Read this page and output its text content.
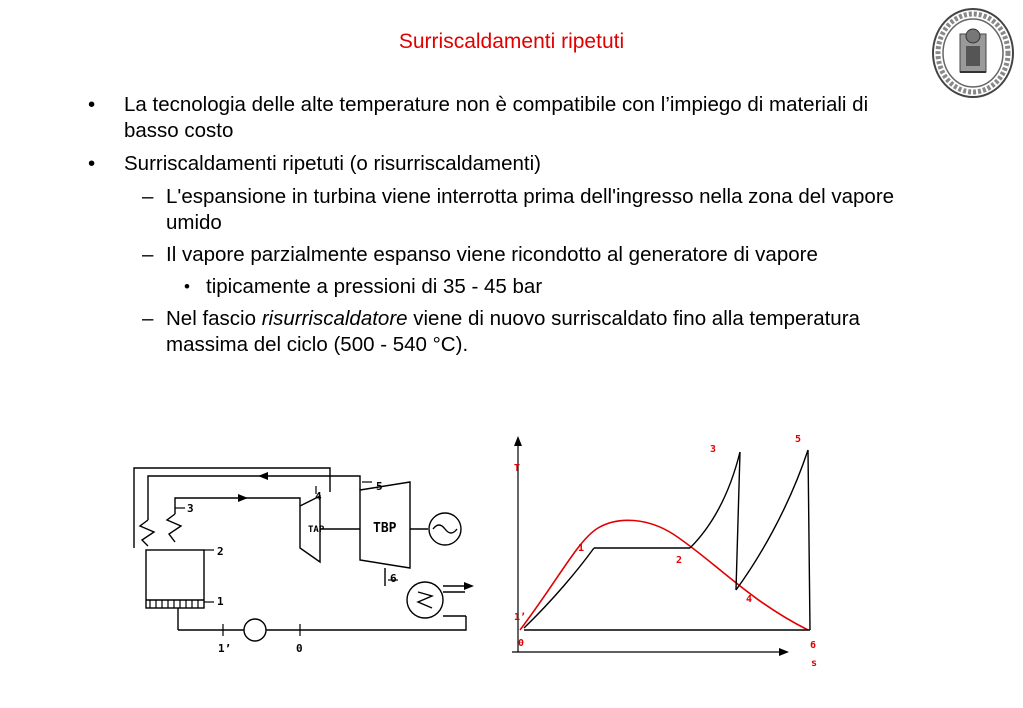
Surriscaldamenti ripetuti
• La tecnologia delle alte temperature non è compatibile con l’impiego di materiali di basso costo
• Surriscaldamenti ripetuti (o risurriscaldamenti)
– L'espansione in turbina viene interrotta prima dell'ingresso nella zona del vapore umido
– Il vapore parzialmente espanso viene ricondotto al generatore di vapore
• tipicamente a pressioni di 35 - 45 bar
– Nel fascio risurriscaldatore viene di nuovo surriscaldato fino alla temperatura massima del ciclo (500 - 540 °C).
TAP	TBP
2
1
3
4
5
6
1’	0
T
s
0
1’
1
2
3
4
5
6
